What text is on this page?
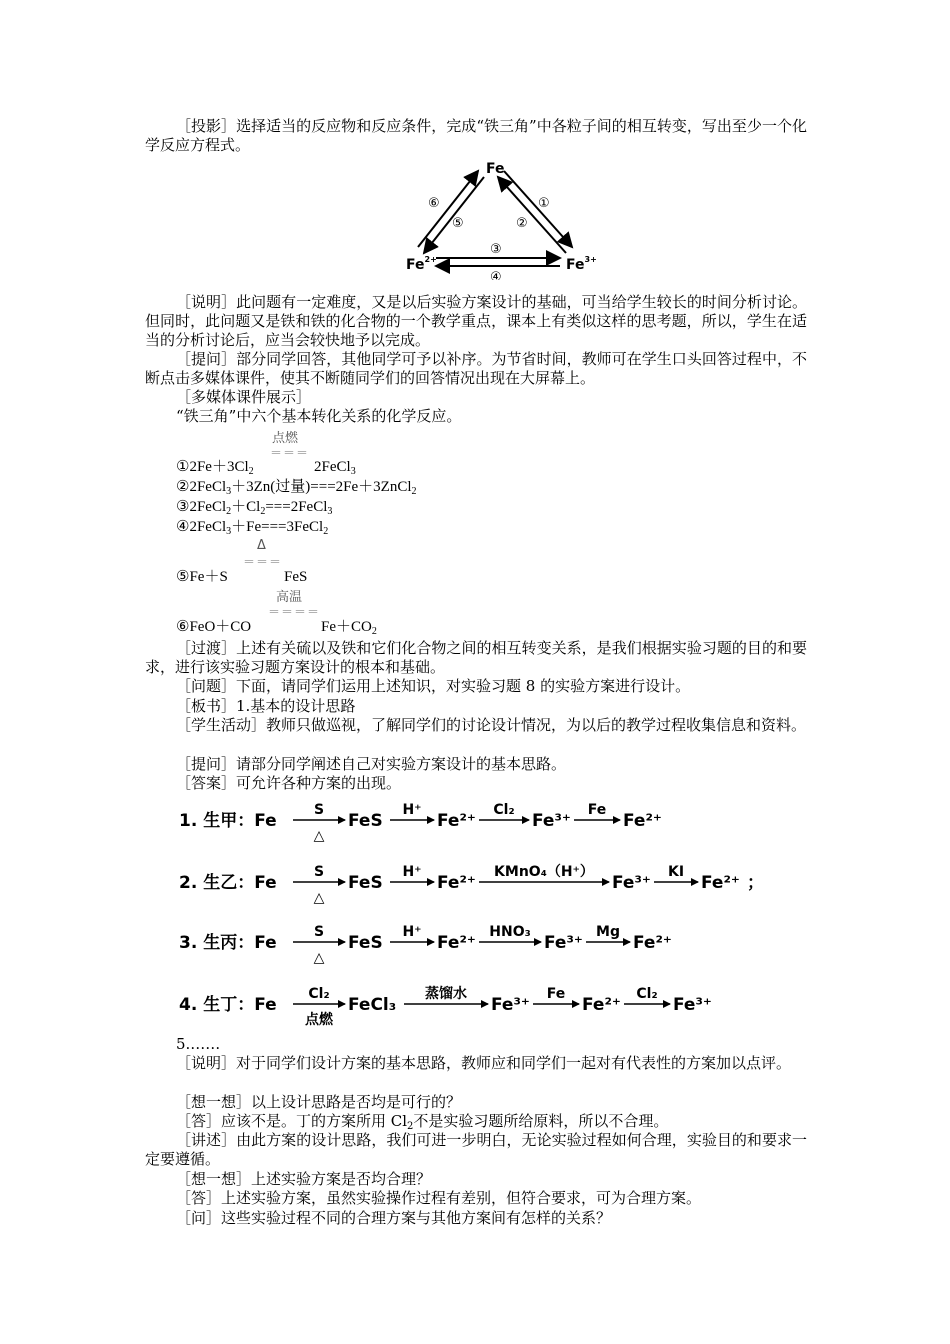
［投影］选择适当的反应物和反应条件，完成“铁三角”中各粒子间的相互转变，写出至少一个化学反应方程式。
Fe
$Fe^{2+}$	$Fe^{3+}$
⑥
⑤
①
②
③
④
［说明］此问题有一定难度，又是以后实验方案设计的基础，可当给学生较长的时间分析讨论。但同时，此问题又是铁和铁的化合物的一个教学重点，课本上有类似这样的思考题，所以，学生在适当的分析讨论后，应当会较快地予以完成。
［提问］部分同学回答，其他同学可予以补序。为节省时间，教师可在学生口头回答过程中，不断点击多媒体课件，使其不断随同学们的回答情况出现在大屏幕上。
［多媒体课件展示］
“铁三角”中六个基本转化关系的化学反应。
点燃
＝＝＝
$①2Fe+3Cl_2$	2FeCl$_3$
②2FeCl$_3$＋3Zn(过量)===2Fe＋3ZnCl$_2$
$③2FeCl_2+Cl_2===2FeCl_3$
④2FeCl$_3$＋Fe===3FeCl$_2$
Δ
＝＝＝
⑤Fe＋S	FeS
高温
＝＝＝＝
⑥FeO＋CO	$Fe+CO_2$
［过渡］上述有关硫以及铁和它们化合物之间的相互转变关系，是我们根据实验习题的目的和要求，进行该实验习题方案设计的根本和基础。
［问题］下面，请同学们运用上述知识，对实验习题 8 的实验方案进行设计。
［板书］1.基本的设计思路
［学生活动］教师只做巡视，了解同学们的讨论设计情况，为以后的教学过程收集信息和资料。
［提问］请部分同学阐述自己对实验方案设计的基本思路。
［答案］可允许各种方案的出现。
1. 生甲：Fe
S
△
FeS
H⁺
Fe²⁺
Cl₂
Fe³⁺
Fe
Fe²⁺
2. 生乙：Fe
S
△
FeS
H⁺
Fe²⁺
KMnO₄（H⁺）
Fe³⁺
KI
Fe²⁺ ；
3. 生丙：Fe
S
△
FeS
H⁺
Fe²⁺
HNO₃
Fe³⁺
Mg
Fe²⁺
4. 生丁：Fe
Cl₂
点燃
FeCl₃
蒸馏水
Fe³⁺
Fe
Fe²⁺
Cl₂
Fe³⁺
5.……
［说明］对于同学们设计方案的基本思路，教师应和同学们一起对有代表性的方案加以点评。
［想一想］以上设计思路是否均是可行的？
［答］应该不是。丁的方案所用 $Cl_2$不是实验习题所给原料，所以不合理。
［讲述］由此方案的设计思路，我们可进一步明白，无论实验过程如何合理，实验目的和要求一定要遵循。
［想一想］上述实验方案是否均合理？
［答］上述实验方案，虽然实验操作过程有差别，但符合要求，可为合理方案。
［问］这些实验过程不同的合理方案与其他方案间有怎样的关系？
